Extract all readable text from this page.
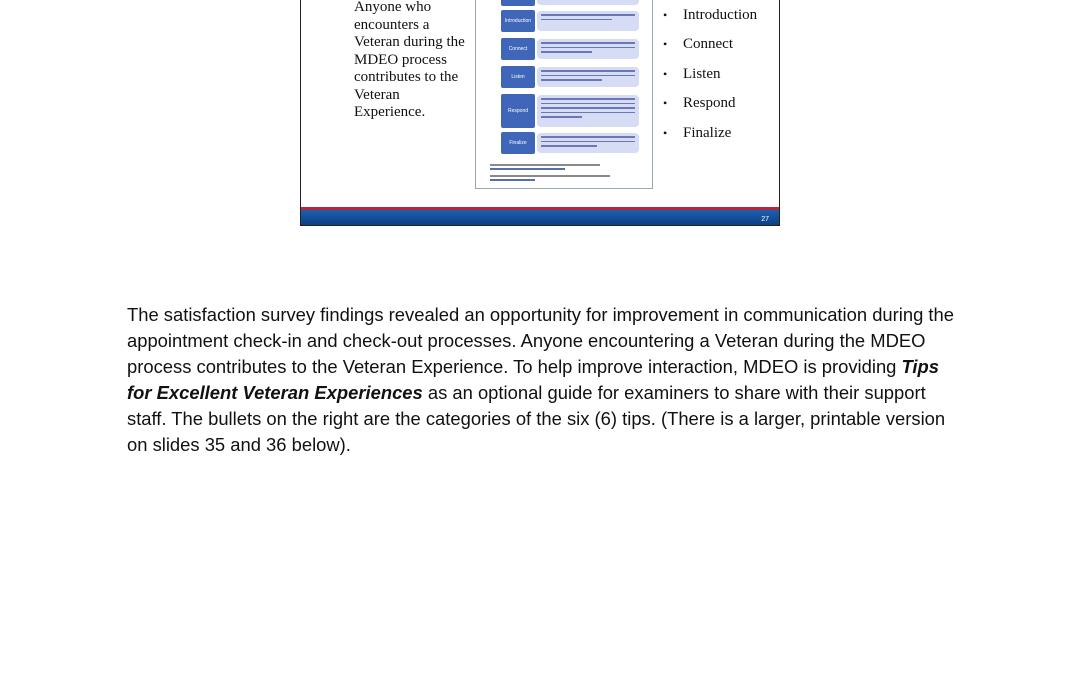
Anyone who encounters a Veteran during the MDEO process contributes to the Veteran Experience.

Introduction
Connect
Listen
Respond
Finalize
•	Introduction
•	Connect
•	Listen
•	Respond
•	Finalize
27

The satisfaction survey findings revealed an opportunity for improvement in communication during the appointment check-in and check-out processes. Anyone encountering a Veteran during the MDEO process contributes to the Veteran Experience. To help improve interaction, MDEO is providing Tips for Excellent Veteran Experiences as an optional guide for examiners to share with their support staff. The bullets on the right are the categories of the six (6) tips. (There is a larger, printable version on slides 35 and 36 below).
